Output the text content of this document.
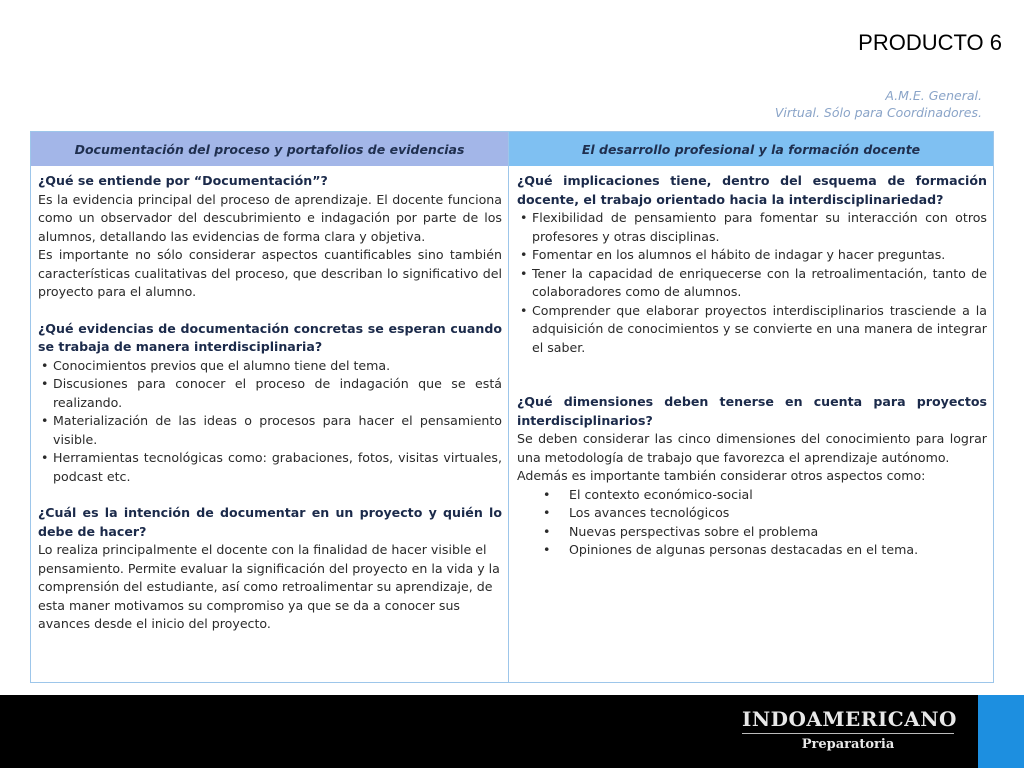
PRODUCTO 6
A.M.E. General.
Virtual. Sólo para Coordinadores.
Documentación del proceso y portafolios de evidencias	El desarrollo profesional y la formación docente

¿Qué se entiende por “Documentación”?

Es la evidencia principal del proceso de aprendizaje. El docente funciona como un observador del descubrimiento e indagación por parte de los alumnos, detallando las evidencias de forma clara y objetiva.

Es importante no sólo considerar aspectos cuantificables sino también características cualitativas del proceso, que describan lo significativo del proyecto para el alumno.

¿Qué evidencias de documentación concretas se esperan cuando se trabaja de manera interdisciplinaria?

• Conocimientos previos que el alumno tiene del tema.
• Discusiones para conocer el proceso de indagación que se está realizando.
• Materialización de las ideas o procesos para hacer el pensamiento visible.
• Herramientas tecnológicas como: grabaciones, fotos, visitas virtuales, podcast etc.

¿Cuál es la intención de documentar en un proyecto y quién lo debe de hacer?

Lo realiza principalmente el docente con la finalidad de hacer visible el pensamiento. Permite evaluar la significación del proyecto en la vida y la comprensión del estudiante, así como retroalimentar su aprendizaje, de esta maner motivamos su compromiso ya que se da a conocer sus avances desde el inicio del proyecto.

¿Qué implicaciones tiene, dentro del esquema de formación docente, el trabajo orientado hacia la interdisciplinariedad?

• Flexibilidad de pensamiento para fomentar su interacción con otros profesores y otras disciplinas.
• Fomentar en los alumnos el hábito de indagar y hacer preguntas.
• Tener la capacidad de enriquecerse con la retroalimentación, tanto de colaboradores como de alumnos.
• Comprender que elaborar proyectos interdisciplinarios trasciende a la adquisición de conocimientos y se convierte en una manera de integrar el saber.

¿Qué dimensiones deben tenerse en cuenta para proyectos interdisciplinarios?

Se deben considerar las cinco dimensiones del conocimiento para lograr una metodología de trabajo que favorezca el aprendizaje autónomo.

Además es importante también considerar otros aspectos como:

• El contexto económico-social
• Los avances tecnológicos
• Nuevas perspectivas sobre el problema
• Opiniones de algunas personas destacadas en el tema.
INDOAMERICANO
Preparatoria
